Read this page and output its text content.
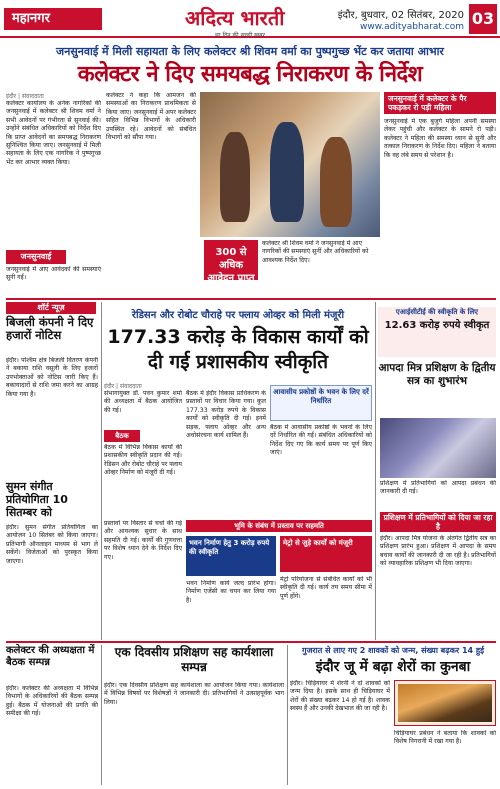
महानगर	अदित्य भारती
हर दिन की सच्ची खबर
इंदौर, बुधवार, 02 सितंबर, 2020
www.adityabharat.com 03
जनसुनवाई में मिली सहायता के लिए कलेक्टर श्री शिवम वर्मा का पुष्पगुच्छ भेंट कर जताया आभार
कलेक्टर ने दिए समयबद्ध निराकरण के निर्देश
इंदौर | संवाददाता
कलेक्टर कार्यालय के अनेक नागरिकों की जनसुनवाई में कलेक्टर श्री शिवम वर्मा ने सभी आवेदनों पर गंभीरता से सुनवाई की। उन्होंने संबंधित अधिकारियों को निर्देश दिए कि प्राप्त आवेदनों का समयबद्ध निराकरण सुनिश्चित किया जाए। जनसुनवाई में मिली सहायता के लिए एक नागरिक ने पुष्पगुच्छ भेंट कर आभार व्यक्त किया।
जनसुनवाई
जनसुनवाई में आए आवेदकों की समस्याएं सुनी गईं।
कलेक्टर ने कहा कि आमजन की समस्याओं का निराकरण प्राथमिकता से किया जाए। जनसुनवाई में अपर कलेक्टर सहित विभिन्न विभागों के अधिकारी उपस्थित रहे। आवेदनों को संबंधित विभागों को सौंपा गया।
300 से अधिक आवेदन प्राप्त हुए
कलेक्टर श्री शिवम वर्मा ने जनसुनवाई में आए नागरिकों की समस्याएं सुनीं और अधिकारियों को आवश्यक निर्देश दिए।
जनसुनवाई में कलेक्टर के पैर पकड़कर रो पड़ी महिला
जनसुनवाई में एक बुजुर्ग महिला अपनी समस्या लेकर पहुंची और कलेक्टर के सामने रो पड़ी। कलेक्टर ने महिला की समस्या ध्यान से सुनी और तत्काल निराकरण के निर्देश दिए। महिला ने बताया कि वह लंबे समय से परेशान है।
शॉर्ट न्यूज़
बिजली कंपनी ने दिए हजारों नोटिस
इंदौर। पश्चिम क्षेत्र बिजली वितरण कंपनी ने बकाया राशि वसूली के लिए हजारों उपभोक्ताओं को नोटिस जारी किए हैं। बकायादारों से राशि जमा करने का आग्रह किया गया है।
सुमन संगीत प्रतियोगिता 10 सितम्बर को
इंदौर। सुमन संगीत प्रतियोगिता का आयोजन 10 सितंबर को किया जाएगा। प्रतिभागी ऑनलाइन माध्यम से भाग ले सकेंगे। विजेताओं को पुरस्कृत किया जाएगा।
रेडिसन और रोबोट चौराहे पर फ्लाय ओव्हर को मिली मंजूरी
177.33 करोड़ के विकास कार्यों को दी गई प्रशासकीय स्वीकृति
एआईसीटीई की स्वीकृति के लिए
12.63 करोड़ रुपये स्वीकृत
इंदौर | संवाददाता
संभागायुक्त डॉ. पवन कुमार शर्मा की अध्यक्षता में बैठक आयोजित की गई।
बैठक
बैठक में विभिन्न विकास कार्यों की प्रशासकीय स्वीकृति प्रदान की गई। रेडिसन और रोबोट चौराहे पर फ्लाय ओव्हर निर्माण को मंजूरी दी गई।
बैठक में इंदौर विकास प्राधिकरण के प्रस्तावों पर विचार किया गया। कुल 177.33 करोड़ रुपये के विकास कार्यों को स्वीकृति दी गई। इनमें सड़क, फ्लाय ओव्हर और अन्य अधोसंरचना कार्य शामिल हैं।
आवासीय प्रकोष्ठों के भवन के लिए दरें निर्धारित
बैठक में आवासीय प्रकोष्ठों के भवनों के लिए दरें निर्धारित की गईं। संबंधित अधिकारियों को निर्देश दिए गए कि कार्य समय पर पूर्ण किए जाएं।
प्रस्तावों पर विस्तार से चर्चा की गई और आवश्यक सुधार के साथ सहमति दी गई। कार्यों की गुणवत्ता पर विशेष ध्यान देने के निर्देश दिए गए।
भूमि के संबंध में प्रस्ताव पर सहमति
भवन निर्माण हेतु 3 करोड़ रुपये की स्वीकृति
भवन निर्माण कार्य जल्द प्रारंभ होगा। निर्माण एजेंसी का चयन कर लिया गया है।
मेट्रो से जुड़े कार्यों को मंजूरी
मेट्रो परियोजना से संबंधित कार्यों को भी स्वीकृति दी गई। कार्य तय समय सीमा में पूर्ण होंगे।
आपदा मित्र प्रशिक्षण के द्वितीय सत्र का शुभारंभ
प्रशिक्षण में प्रतिभागियों को आपदा प्रबंधन की जानकारी दी गई।
प्रशिक्षण में प्रतिभागियों को दिया जा रहा है
इंदौर। आपदा मित्र योजना के अंतर्गत द्वितीय सत्र का प्रशिक्षण प्रारंभ हुआ। प्रशिक्षण में आपदा के समय बचाव कार्यों की जानकारी दी जा रही है। प्रतिभागियों को व्यावहारिक प्रशिक्षण भी दिया जाएगा।
कलेक्टर की अध्यक्षता में बैठक सम्पन्न
इंदौर। कलेक्टर की अध्यक्षता में विभिन्न विभागों के अधिकारियों की बैठक सम्पन्न हुई। बैठक में योजनाओं की प्रगति की समीक्षा की गई।
एक दिवसीय प्रशिक्षण सह कार्यशाला सम्पन्न
इंदौर। एक दिवसीय प्रशिक्षण सह कार्यशाला का आयोजन किया गया। कार्यशाला में विभिन्न विषयों पर विशेषज्ञों ने जानकारी दी। प्रतिभागियों ने उत्साहपूर्वक भाग लिया।
गुजरात से लाए गए 2 शावकों को जन्म, संख्या बढ़कर 14 हुई
इंदौर जू में बढ़ा शेरों का कुनबा
इंदौर। चिड़ियाघर में शेरनी ने दो शावकों को जन्म दिया है। इसके साथ ही चिड़ियाघर में शेरों की संख्या बढ़कर 14 हो गई है। शावक स्वस्थ हैं और उनकी देखभाल की जा रही है।
चिड़ियाघर प्रबंधन ने बताया कि शावकों को विशेष निगरानी में रखा गया है।
